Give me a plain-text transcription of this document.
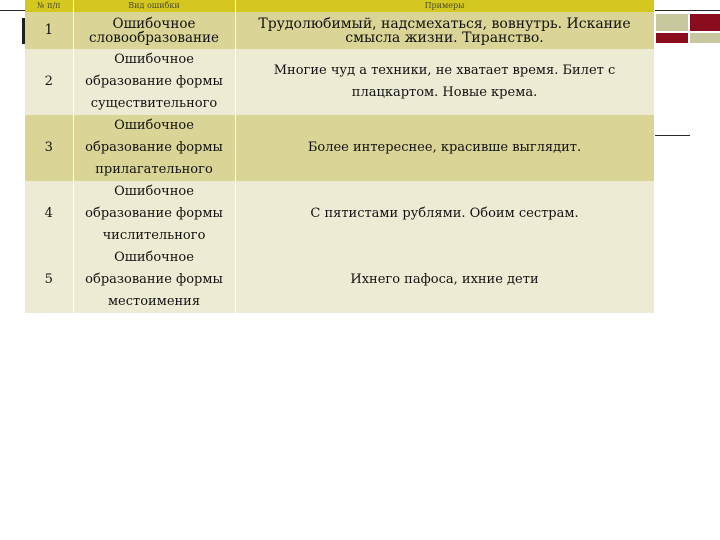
№ п/п	Вид ошибки	Примеры
1	Ошибочное словообразование	Трудолюбимый, надсмехаться, вовнутрь. Искание смысла жизни. Тиранство.
2	Ошибочное образование формы существительного	Многие чуд а техники, не хватает время. Билет с плацкартом. Новые крема.
3	Ошибочное образование формы прилагательного	Более интереснее, красивше выглядит.
4	Ошибочное образование формы числительного	С пятистами рублями. Обоим сестрам.
5	Ошибочное образование формы местоимения	Ихнего пафоса, ихние дети
